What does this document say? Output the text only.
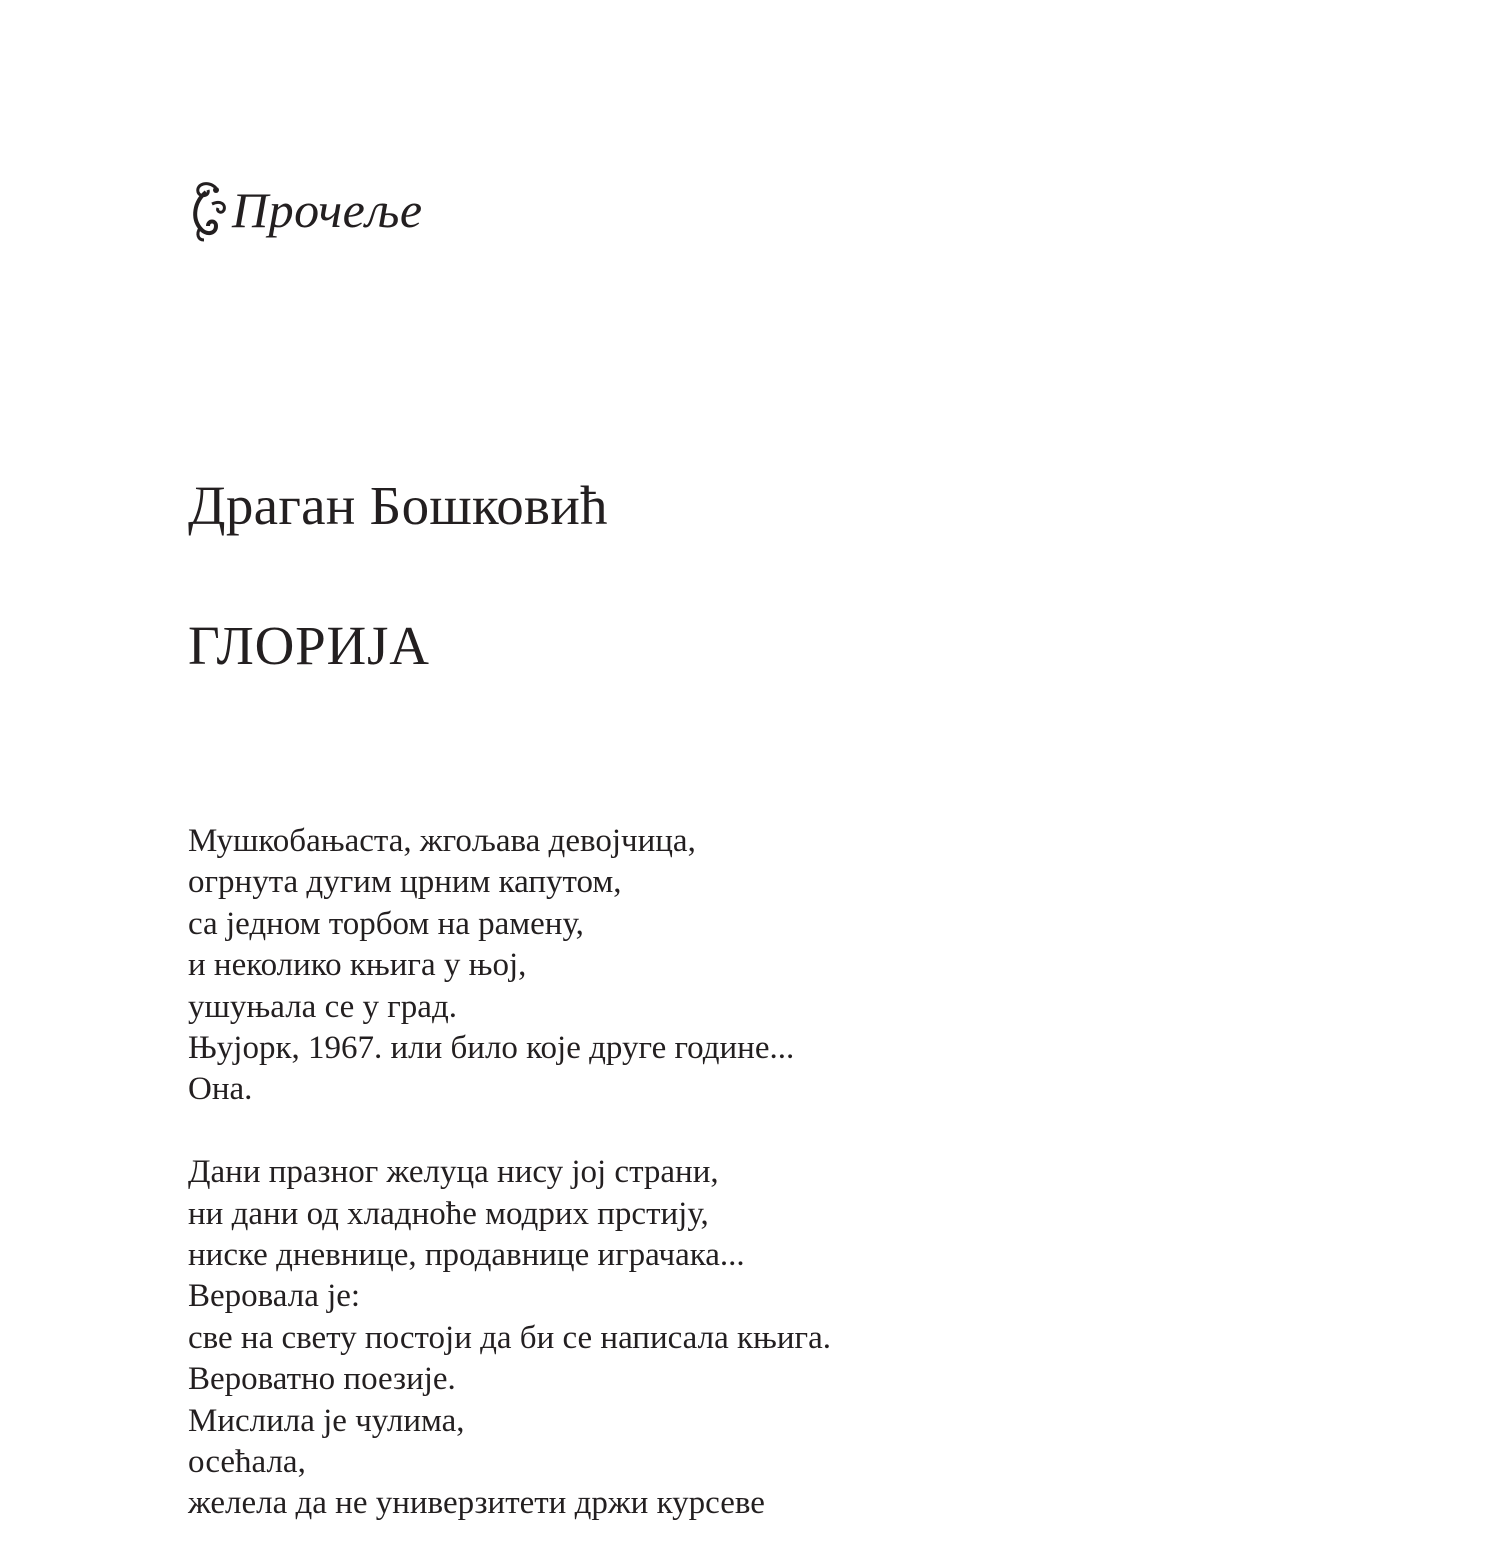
Прочеље
Драган Бошковић
ГЛОРИЈА
Мушкобањаста, жгољава девојчица,
огрнута дугим црним капутом,
са једном торбом на рамену,
и неколико књига у њој,
ушуњала се у град.
Њујорк, 1967. или било које друге године...
Она.
Дани празног желуца нису јој страни,
ни дани од хладноће модрих прстију,
ниске дневнице, продавнице играчака...
Веровала је:
све на свету постоји да би се написала књига.
Вероватно поезије.
Мислила је чулима,
осећала,
желела да не универзитети држи курсеве
